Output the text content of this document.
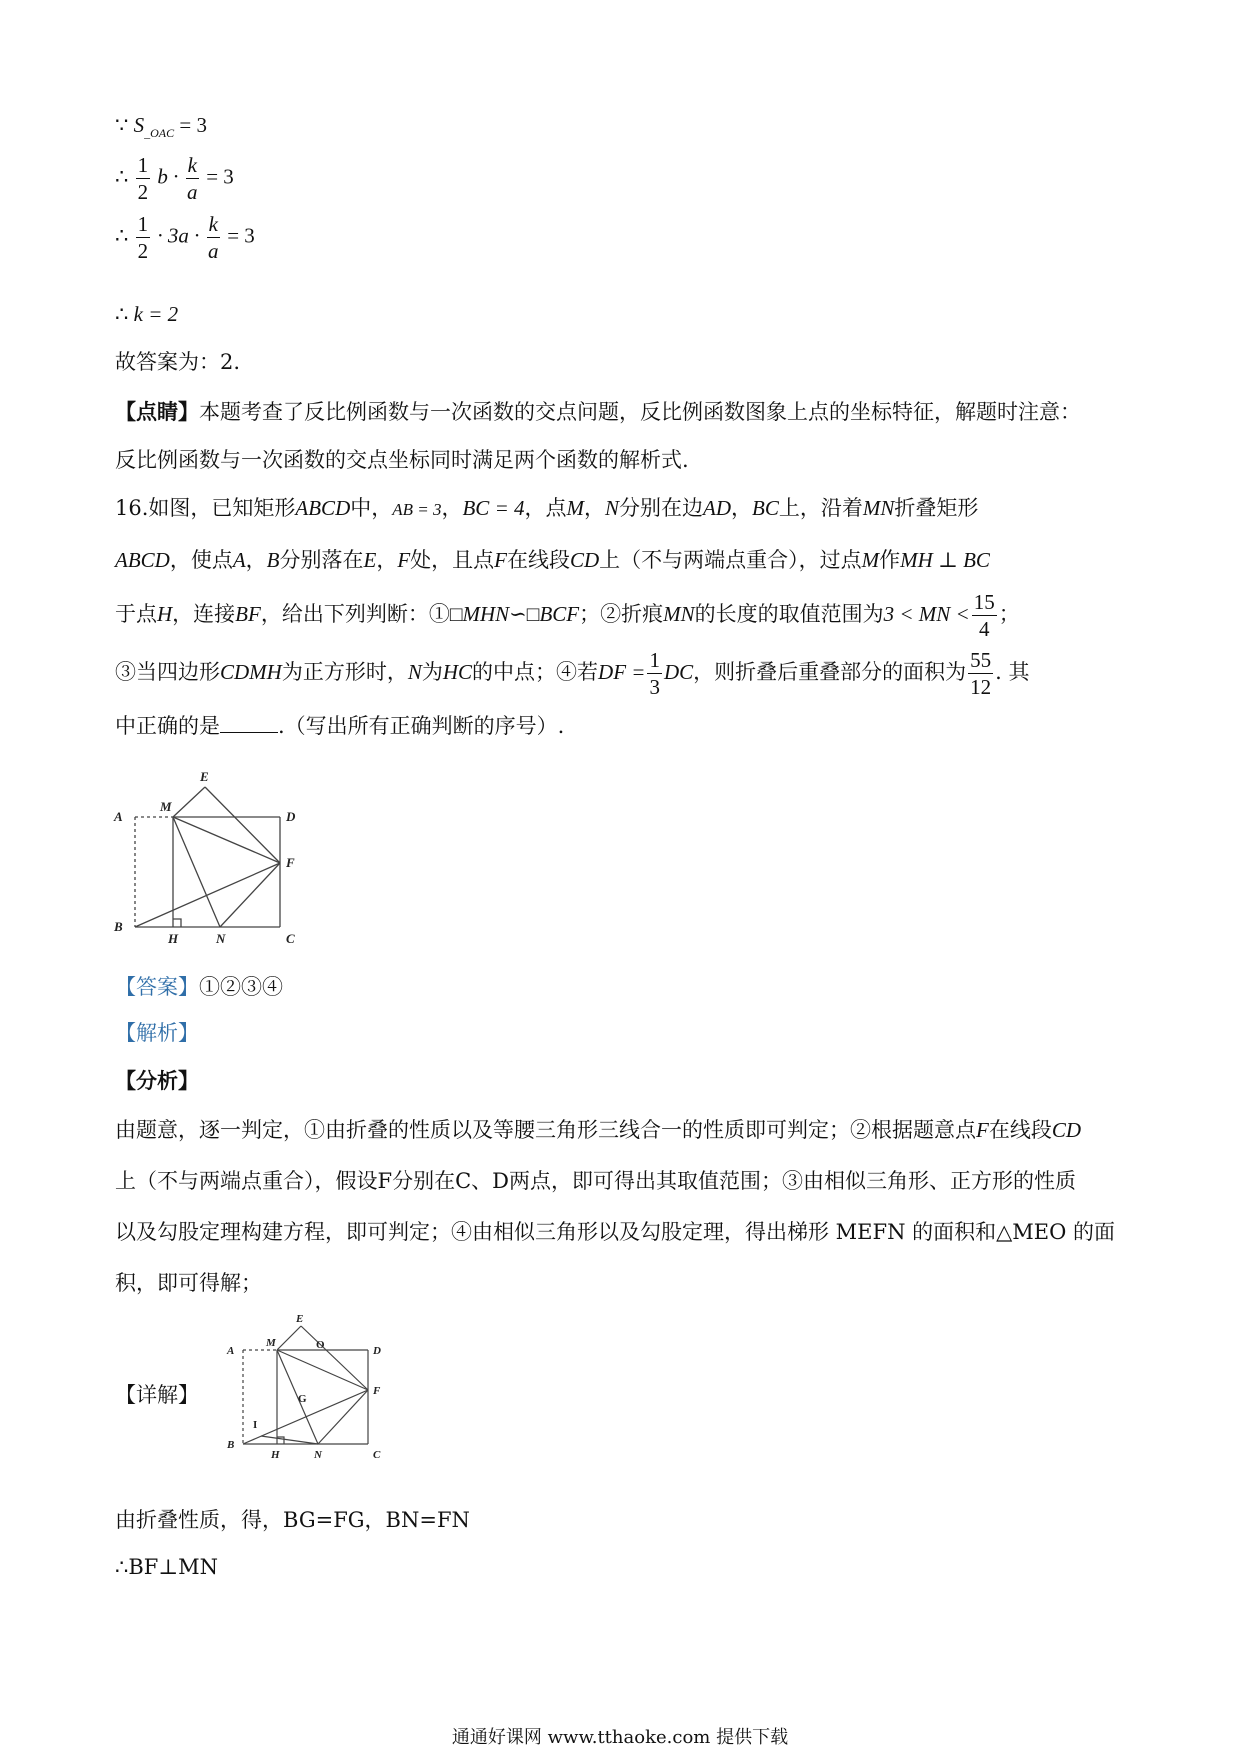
∵ $S_{\_OAC} = 3$
∴ $\frac{1}{2}$ $b \cdot \frac{k}{a} = 3$
∴ $\frac{1}{2} \cdot 3a \cdot \frac{k}{a} = 3$
∴ k = 2
故答案为：2.
【点睛】本题考查了反比例函数与一次函数的交点问题，反比例函数图象上点的坐标特征，解题时注意：
反比例函数与一次函数的交点坐标同时满足两个函数的解析式.
16.如图，已知矩形ABCD中，AB = 3，BC = 4，点M，N分别在边AD，BC上，沿着MN折叠矩形
ABCD，使点A，B分别落在E，F处，且点F在线段CD上（不与两端点重合），过点M作MH ⊥ BC
于点H，连接BF，给出下列判断：①□MHN∽□BCF；②折痕MN的长度的取值范围为3 < MN < $\frac{15}{4}$ ；
③当四边形CDMH为正方形时，N为HC的中点；④若DF = $\frac{1}{3}$ DC，则折叠后重叠部分的面积为 $\frac{55}{12}$ . 其
中正确的是	.（写出所有正确判断的序号）.
A
M
E
D
F
B
H	N	C
【答案】①②③④
【解析】
【分析】
由题意，逐一判定，①由折叠的性质以及等腰三角形三线合一的性质即可判定；②根据题意点F在线段CD
上（不与两端点重合），假设F分别在C、D两点，即可得出其取值范围；③由相似三角形、正方形的性质
以及勾股定理构建方程，即可判定；④由相似三角形以及勾股定理，得出梯形 MEFN 的面积和△MEO 的面
积，即可得解；
【详解】
A
M
E
O	D
G
F
I
B
H	N	C
由折叠性质，得，BG=FG，BN=FN
∴BF⊥MN
通通好课网 www.tthaoke.com 提供下载
